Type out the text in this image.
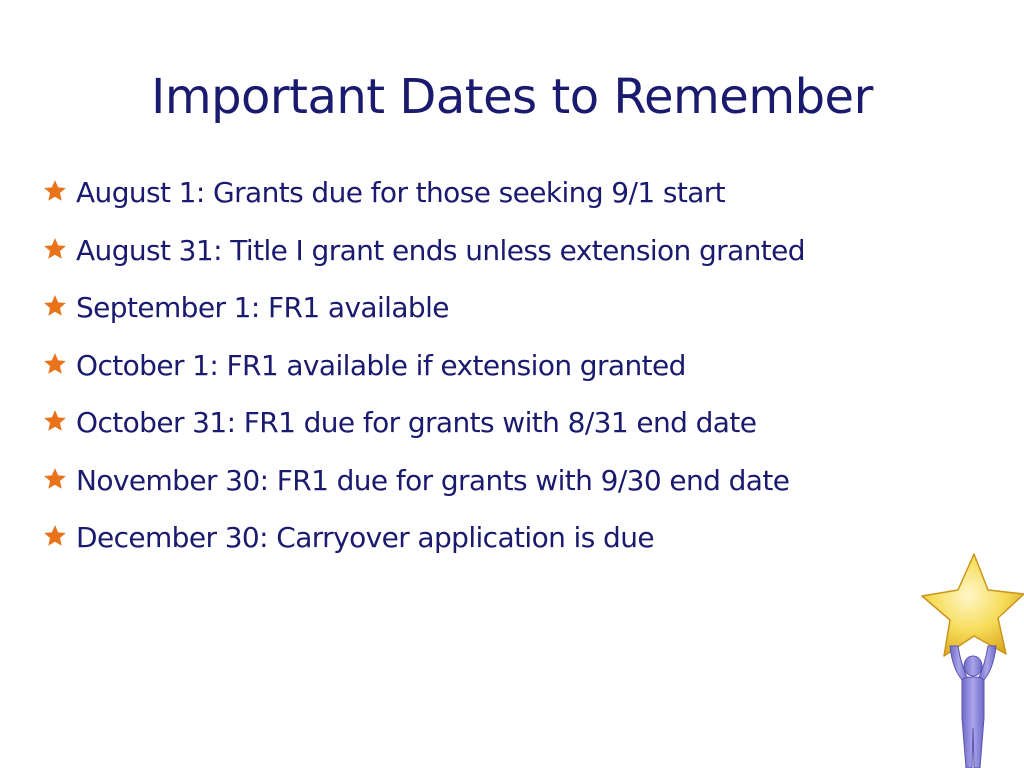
Important Dates to Remember
August 1: Grants due for those seeking 9/1 start
August 31: Title I grant ends unless extension granted
September 1: FR1 available
October 1: FR1 available if extension granted
October 31: FR1 due for grants with 8/31 end date
November 30: FR1 due for grants with 9/30 end date
December 30: Carryover application is due
